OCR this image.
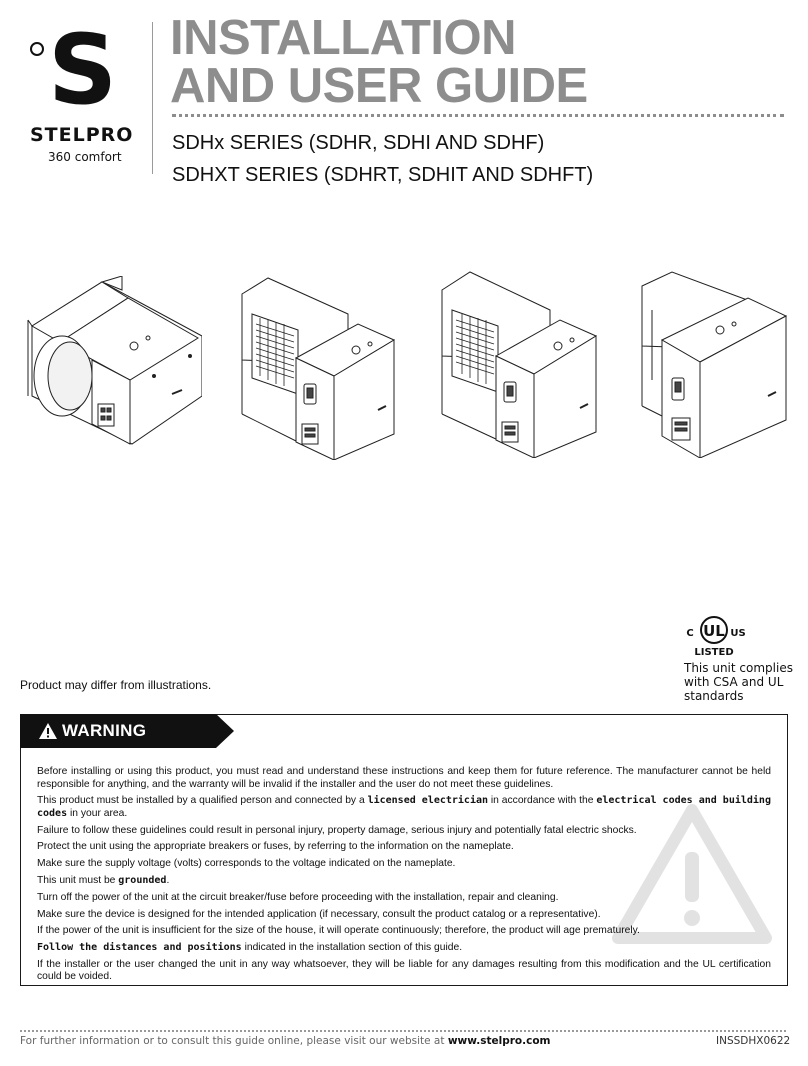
S
STELPRO
360 comfort
INSTALLATION
AND USER GUIDE
SDHx SERIES (SDHR, SDHI AND SDHF)
SDHXT SERIES (SDHRT, SDHIT AND SDHFT)
Product may differ from illustrations.
UL
C	US
LISTED
This unit complies
with CSA and UL
standards
WARNING
Before installing or using this product, you must read and understand these instructions and keep them for future reference. The manufacturer cannot be held responsible for anything, and the warranty will be invalid if the installer and the user do not meet these guidelines.
This product must be installed by a qualified person and connected by a licensed electrician in accordance with the electrical codes and building codes in your area.
Failure to follow these guidelines could result in personal injury, property damage, serious injury and potentially fatal electric shocks.
Protect the unit using the appropriate breakers or fuses, by referring to the information on the nameplate.
Make sure the supply voltage (volts) corresponds to the voltage indicated on the nameplate.
This unit must be grounded.
Turn off the power of the unit at the circuit breaker/fuse before proceeding with the installation, repair and cleaning.
Make sure the device is designed for the intended application (if necessary, consult the product catalog or a representative).
If the power of the unit is insufficient for the size of the house, it will operate continuously; therefore, the product will age prematurely.
Follow the distances and positions indicated in the installation section of this guide.
If the installer or the user changed the unit in any way whatsoever, they will be liable for any damages resulting from this modification and the UL certification could be voided.
For further information or to consult this guide online, please visit our website at www.stelpro.com	INSSDHX0622
